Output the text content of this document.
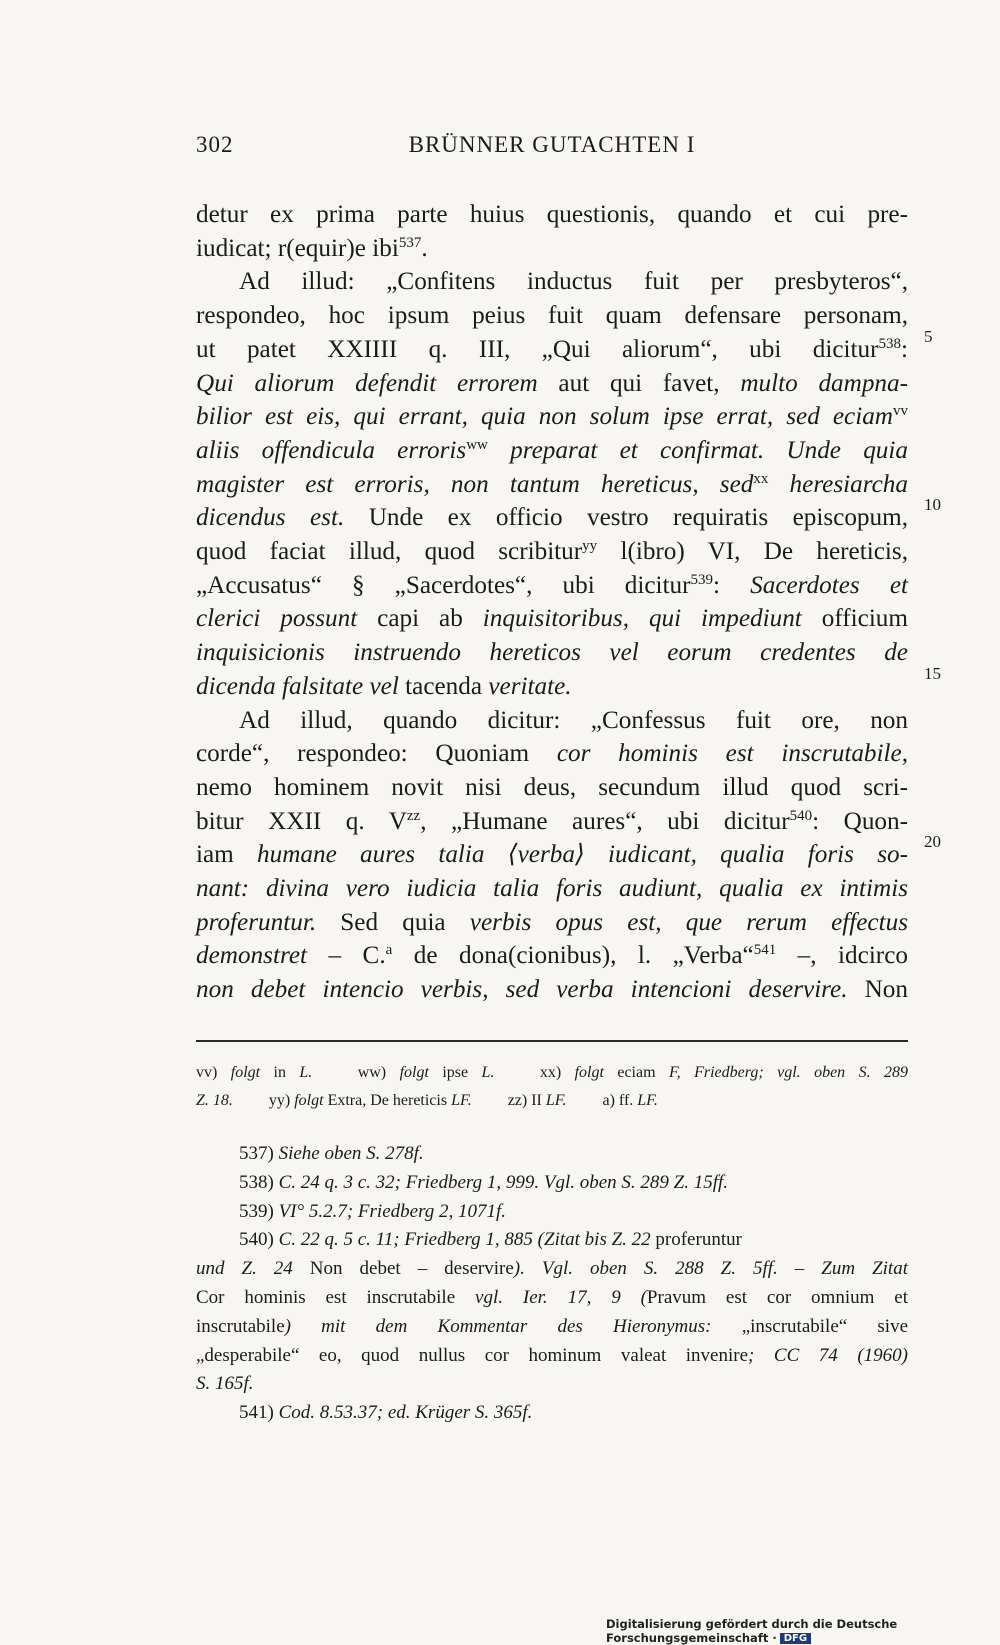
302	BRÜNNER GUTACHTEN I
detur ex prima parte huius questionis, quando et cui pre-
iudicat; r(equir)e ibi$^{537}$.
Ad illud: „Confitens inductus fuit per presbyteros“,
respondeo, hoc ipsum peius fuit quam defensare personam,
ut patet XXIIII q. III, „Qui aliorum“, ubi dicitur$^{538}$:
Qui aliorum defendit errorem aut qui favet, multo dampna-
bilior est eis, qui errant, quia non solum ipse errat, sed eciam$^{vv}$
aliis offendicula erroris$^{ww}$ preparat et confirmat. Unde quia
magister est erroris, non tantum hereticus, sed$^{xx}$ heresiarcha
dicendus est. Unde ex officio vestro requiratis episcopum,
quod faciat illud, quod scribitur$^{yy}$ l(ibro) VI, De hereticis,
„Accusatus“ § „Sacerdotes“, ubi dicitur$^{539}$: Sacerdotes et
clerici possunt capi ab inquisitoribus, qui impediunt officium
inquisicionis instruendo hereticos vel eorum credentes de
dicenda falsitate vel tacenda veritate.
Ad illud, quando dicitur: „Confessus fuit ore, non
corde“, respondeo: Quoniam cor hominis est inscrutabile,
nemo hominem novit nisi deus, secundum illud quod scri-
bitur XXII q. $V^{zz}$, „Humane aures“, ubi dicitur$^{540}$: Quon-
iam humane aures talia ⟨verba⟩ iudicant, qualia foris so-
nant: divina vero iudicia talia foris audiunt, qualia ex intimis
proferuntur. Sed quia verbis opus est, que rerum effectus
demonstret – C.$^a$ de dona(cionibus), l. „Verba“$^{541}$ –, idcirco
non debet intencio verbis, sed verba intencioni deservire. Non
5
10
15
20
vv) folgt in L.   ww) folgt ipse L.   xx) folgt eciam F, Friedberg; vgl. oben S. 289
Z. 18.   yy) folgt Extra, De hereticis LF.   zz) II LF.   a) ff. LF.
537) Siehe oben S. 278f.
538) C. 24 q. 3 c. 32; Friedberg 1, 999. Vgl. oben S. 289 Z. 15ff.
539) VI° 5.2.7; Friedberg 2, 1071f.
540) C. 22 q. 5 c. 11; Friedberg 1, 885 (Zitat bis Z. 22 proferuntur
und Z. 24 Non debet – deservire). Vgl. oben S. 288 Z. 5ff. – Zum Zitat
Cor hominis est inscrutabile vgl. Ier. 17, 9 (Pravum est cor omnium et
inscrutabile) mit dem Kommentar des Hieronymus: „inscrutabile“ sive
„desperabile“ eo, quod nullus cor hominum valeat invenire; CC 74 (1960)
S. 165f.
541) Cod. 8.53.37; ed. Krüger S. 365f.
Digitalisierung gefördert durch die Deutsche Forschungsgemeinschaft · DFG
